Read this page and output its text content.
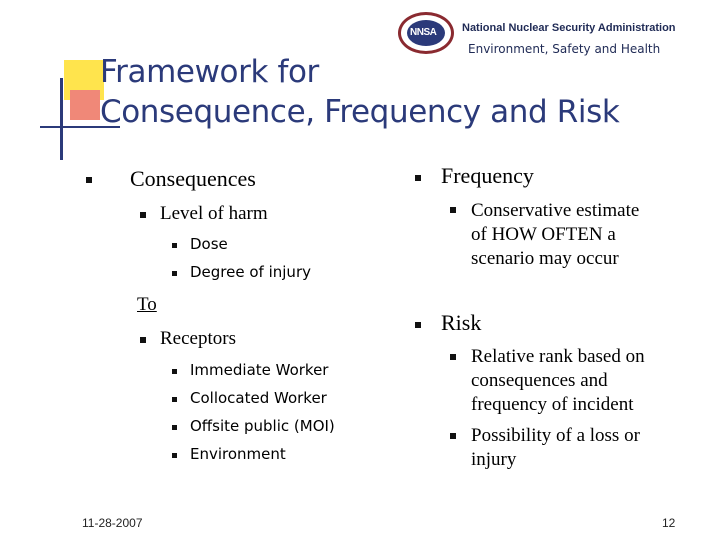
NNSA National Nuclear Security Administration
Environment, Safety and Health
Framework for
Consequence, Frequency and Risk
Consequences
Level of harm
Dose
Degree of injury
To
Receptors
Immediate Worker
Collocated Worker
Offsite public (MOI)
Environment
Frequency
Conservative estimate
of HOW OFTEN a
scenario may occur
Risk
Relative rank based on
consequences and
frequency of incident
Possibility of a loss or
injury
11-28-2007	12
